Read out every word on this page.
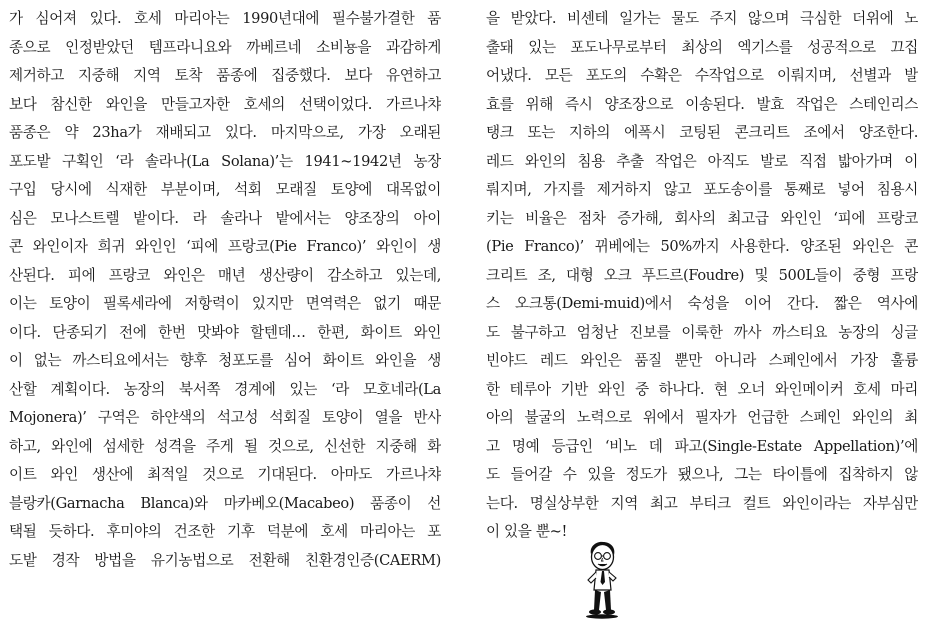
가 심어져 있다. 호세 마리아는 1990년대에 필수불가결한 품
종으로 인정받았던 템프라니요와 까베르네 소비뇽을 과감하게
제거하고 지중해 지역 토착 품종에 집중했다. 보다 유연하고
보다 참신한 와인을 만들고자한 호세의 선택이었다. 가르나챠
품종은 약 23ha가 재배되고 있다. 마지막으로, 가장 오래된
포도밭 구획인 ‘라 솔라나(La Solana)’는 1941~1942년 농장
구입 당시에 식재한 부분이며, 석회 모래질 토양에 대목없이
심은 모나스트렐 밭이다. 라 솔라나 밭에서는 양조장의 아이
콘 와인이자 희귀 와인인 ‘피에 프랑코(Pie Franco)’ 와인이 생
산된다. 피에 프랑코 와인은 매년 생산량이 감소하고 있는데,
이는 토양이 필록세라에 저항력이 있지만 면역력은 없기 때문
이다. 단종되기 전에 한번 맛봐야 할텐데… 한편, 화이트 와인
이 없는 까스티요에서는 향후 청포도를 심어 화이트 와인을 생
산할 계획이다. 농장의 북서쪽 경계에 있는 ‘라 모호네라(La
Mojonera)’ 구역은 하얀색의 석고성 석회질 토양이 열을 반사
하고, 와인에 섬세한 성격을 주게 될 것으로, 신선한 지중해 화
이트 와인 생산에 최적일 것으로 기대된다. 아마도 가르나챠
블랑카(Garnacha Blanca)와 마카베오(Macabeo) 품종이 선
택될 듯하다. 후미야의 건조한 기후 덕분에 호세 마리아는 포
도밭 경작 방법을 유기농법으로 전환해 친환경인증(CAERM)
을 받았다. 비센테 일가는 물도 주지 않으며 극심한 더위에 노
출돼 있는 포도나무로부터 최상의 엑기스를 성공적으로 끄집
어냈다. 모든 포도의 수확은 수작업으로 이뤄지며, 선별과 발
효를 위해 즉시 양조장으로 이송된다. 발효 작업은 스테인리스
탱크 또는 지하의 에폭시 코팅된 콘크리트 조에서 양조한다.
레드 와인의 침용 추출 작업은 아직도 발로 직접 밟아가며 이
뤄지며, 가지를 제거하지 않고 포도송이를 통째로 넣어 침용시
키는 비율은 점차 증가해, 회사의 최고급 와인인 ‘피에 프랑코
(Pie Franco)’ 뀌베에는 50%까지 사용한다. 양조된 와인은 콘
크리트 조, 대형 오크 푸드르(Foudre) 및 500L들이 중형 프랑
스 오크통(Demi-muid)에서 숙성을 이어 간다. 짧은 역사에
도 불구하고 엄청난 진보를 이룩한 까사 까스티요 농장의 싱글
빈야드 레드 와인은 품질 뿐만 아니라 스페인에서 가장 훌륭
한 테루아 기반 와인 중 하나다. 현 오너 와인메이커 호세 마리
아의 불굴의 노력으로 위에서 필자가 언급한 스페인 와인의 최
고 명예 등급인 ‘비노 데 파고(Single-Estate Appellation)’에
도 들어갈 수 있을 정도가 됐으나, 그는 타이틀에 집착하지 않
는다. 명실상부한 지역 최고 부티크 컬트 와인이라는 자부심만
이 있을 뿐~!
